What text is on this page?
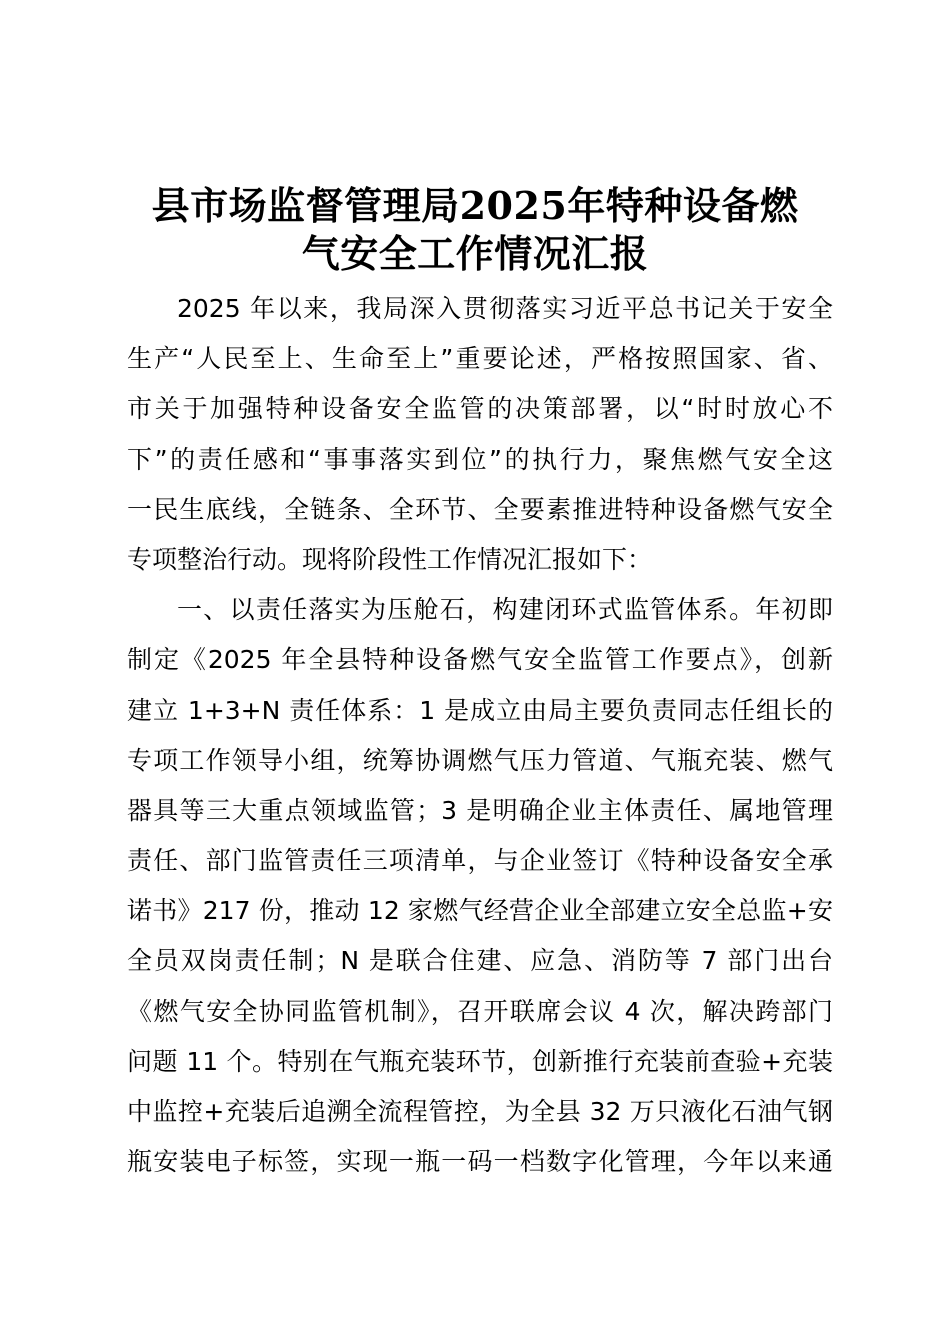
县市场监督管理局2025年特种设备燃
气安全工作情况汇报
2025 年以来，我局深入贯彻落实习近平总书记关于安全
生产“人民至上、生命至上”重要论述，严格按照国家、省、
市关于加强特种设备安全监管的决策部署，以“时时放心不
下”的责任感和“事事落实到位”的执行力，聚焦燃气安全这
一民生底线，全链条、全环节、全要素推进特种设备燃气安全
专项整治行动。现将阶段性工作情况汇报如下：
一、以责任落实为压舱石，构建闭环式监管体系。年初即
制定《2025 年全县特种设备燃气安全监管工作要点》，创新
建立 1+3+N 责任体系：1 是成立由局主要负责同志任组长的
专项工作领导小组，统筹协调燃气压力管道、气瓶充装、燃气
器具等三大重点领域监管；3 是明确企业主体责任、属地管理
责任、部门监管责任三项清单，与企业签订《特种设备安全承
诺书》217 份，推动 12 家燃气经营企业全部建立安全总监+安
全员双岗责任制；N 是联合住建、应急、消防等 7 部门出台
《燃气安全协同监管机制》，召开联席会议 4 次，解决跨部门
问题 11 个。特别在气瓶充装环节，创新推行充装前查验+充装
中监控+充装后追溯全流程管控，为全县 32 万只液化石油气钢
瓶安装电子标签，实现一瓶一码一档数字化管理，今年以来通
